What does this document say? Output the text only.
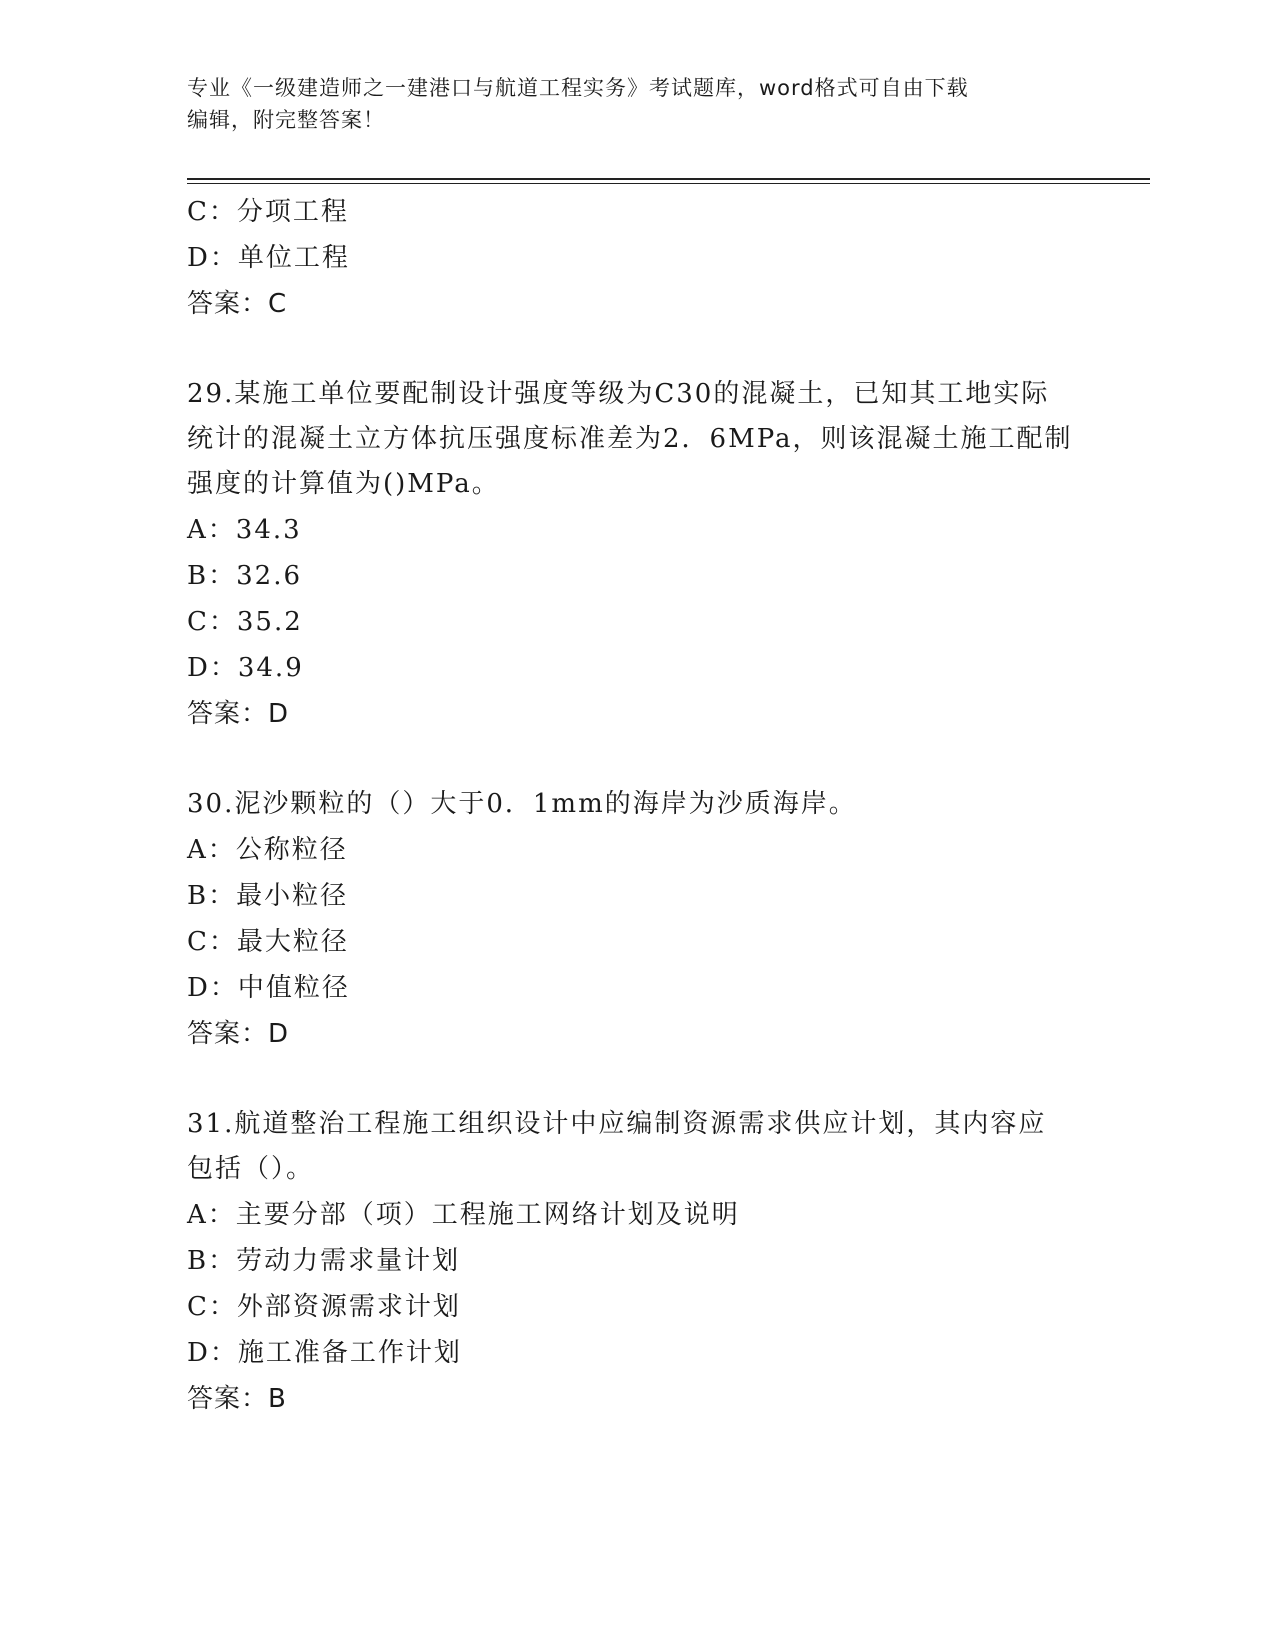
专业《一级建造师之一建港口与航道工程实务》考试题库，word格式可自由下载
编辑，附完整答案！
C：分项工程
D：单位工程
答案：C
29.某施工单位要配制设计强度等级为C30的混凝土，已知其工地实际
统计的混凝土立方体抗压强度标准差为2．6MPa，则该混凝土施工配制
强度的计算值为()MPa。
A：34.3
B：32.6
C：35.2
D：34.9
答案：D
30.泥沙颗粒的（）大于0．1mm的海岸为沙质海岸。
A：公称粒径
B：最小粒径
C：最大粒径
D：中值粒径
答案：D
31.航道整治工程施工组织设计中应编制资源需求供应计划，其内容应
包括（）。
A：主要分部（项）工程施工网络计划及说明
B：劳动力需求量计划
C：外部资源需求计划
D：施工准备工作计划
答案：B
